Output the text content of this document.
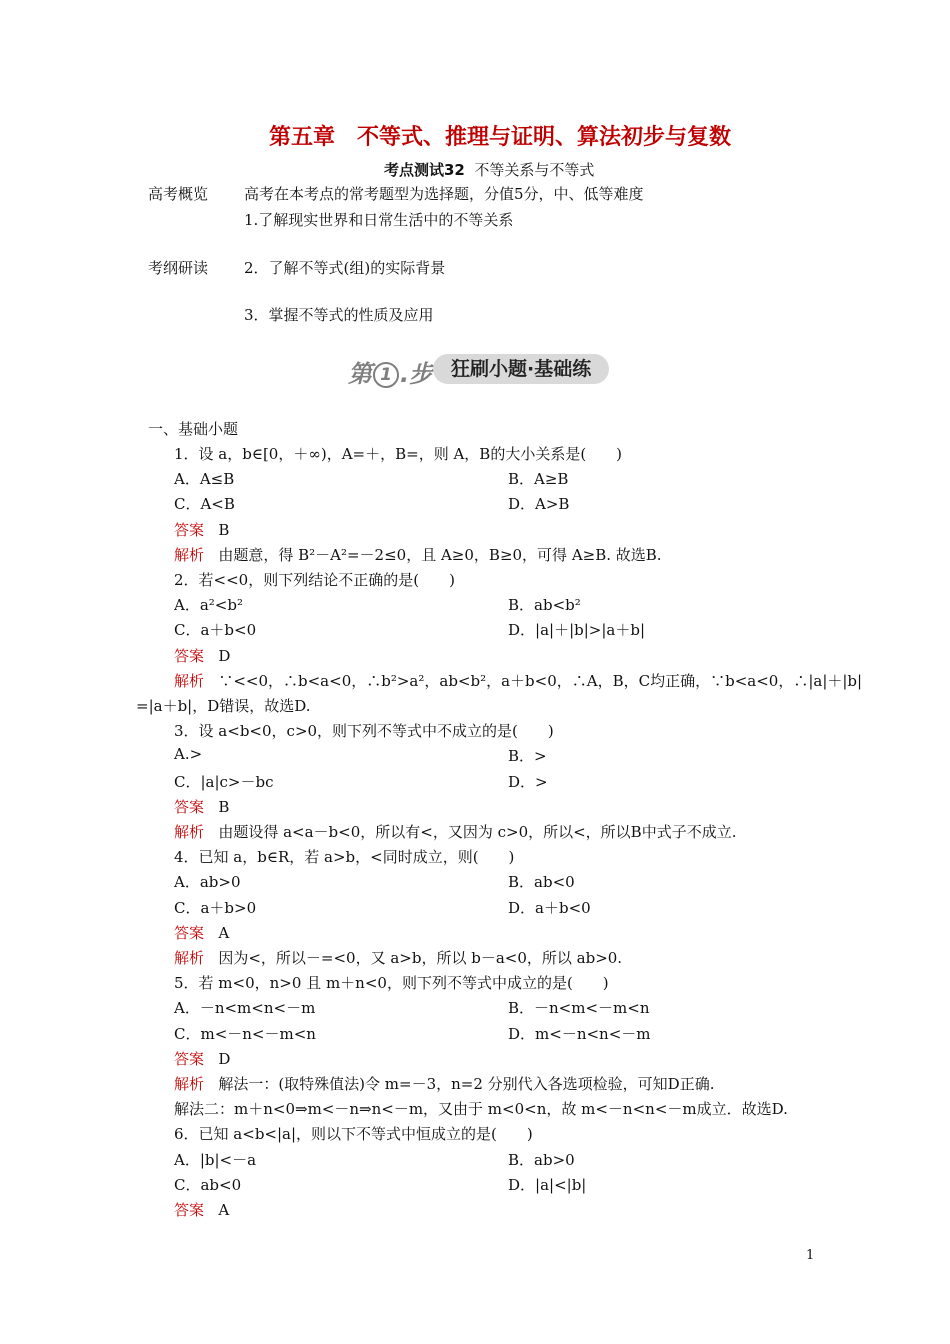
第五章　不等式、推理与证明、算法初步与复数
考点测试32 不等关系与不等式
高考概览 高考在本考点的常考题型为选择题，分值5分，中、低等难度
1.了解现实世界和日常生活中的不等关系
考纲研读 2．了解不等式(组)的实际背景
3．掌握不等式的性质及应用
第 1 .步 狂刷小题·基础练
一、基础小题
1．设 a，b∈[0，＋∞)，A=＋，B=，则 A，B的大小关系是(　　)
A．A≤B	B．A≥B
C．A<B	D．A>B
答案 B
解析 由题意，得 B²－A²=－2≤0，且 A≥0，B≥0，可得 A≥B. 故选B.
2．若<<0，则下列结论不正确的是(　　)
A．a²<b²	B．ab<b²
C．a＋b<0	D．|a|＋|b|>|a＋b|
答案 D
解析 ∵<<0，∴b<a<0，∴b²>a²，ab<b²，a＋b<0，∴A，B，C均正确，∵b<a<0，∴|a|＋|b|
=|a＋b|，D错误，故选D.
3．设 a<b<0，c>0，则下列不等式中不成立的是(　　)
A.>	B．>
C．|a|c>－bc	D．>
答案 B
解析 由题设得 a<a－b<0，所以有<，又因为 c>0，所以<，所以B中式子不成立.
4．已知 a，b∈R，若 a>b，<同时成立，则(　　)
A．ab>0	B．ab<0
C．a＋b>0	D．a＋b<0
答案 A
解析 因为<，所以－=<0，又 a>b，所以 b－a<0，所以 ab>0.
5．若 m<0，n>0 且 m＋n<0，则下列不等式中成立的是(　　)
A．－n<m<n<－m	B．－n<m<－m<n
C．m<－n<－m<n	D．m<－n<n<－m
答案 D
解析 解法一：(取特殊值法)令 m=－3，n=2 分别代入各选项检验，可知D正确.
解法二：m＋n<0⇒m<－n⇒n<－m，又由于 m<0<n，故 m<－n<n<－m成立．故选D.
6．已知 a<b<|a|，则以下不等式中恒成立的是(　　)
A．|b|<－a	B．ab>0
C．ab<0	D．|a|<|b|
答案 A
1
